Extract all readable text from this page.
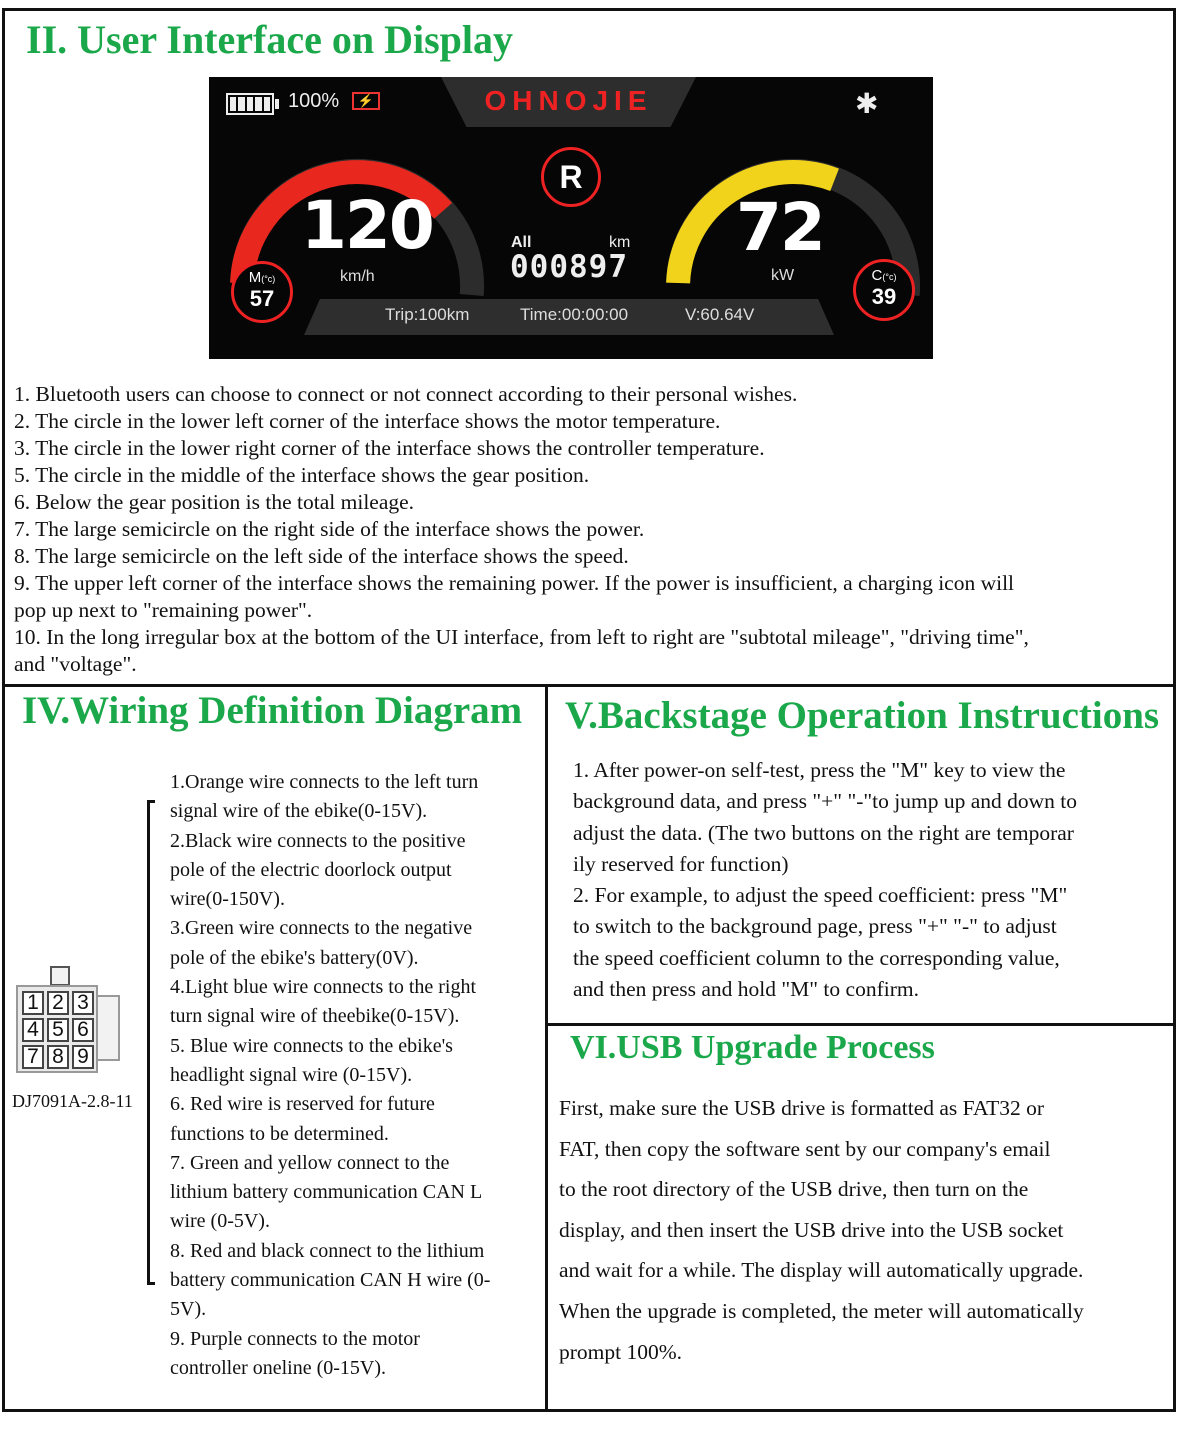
II. User Interface on Display
100%	⚡	OHNOJIE	✱
R
All	km
000897
120
km/h
72
kW
M(°c)
57
C(°c)
39
Trip:100km	Time:00:00:00	V:60.64V
1. Bluetooth users can choose to connect or not connect according to their personal wishes.
2. The circle in the lower left corner of the interface shows the motor temperature.
3. The circle in the lower right corner of the interface shows the controller temperature.
5. The circle in the middle of the interface shows the gear position.
6. Below the gear position is the total mileage.
7. The large semicircle on the right side of the interface shows the power.
8. The large semicircle on the left side of the interface shows the speed.
9. The upper left corner of the interface shows the remaining power. If the power is insufficient, a charging icon will
pop up next to "remaining power".
10. In the long irregular box at the bottom of the UI interface, from left to right are "subtotal mileage", "driving time",
and "voltage".
IV.Wiring Definition Diagram
1 2 3
4 5 6
7 8 9
DJ7091A-2.8-11
1.Orange wire connects to the left turn
signal wire of the ebike(0-15V).
2.Black wire connects to the positive
pole of the electric doorlock output
wire(0-150V).
3.Green wire connects to the negative
pole of the ebike's battery(0V).
4.Light blue wire connects to the right
turn signal wire of theebike(0-15V).
5. Blue wire connects to the ebike's
headlight signal wire (0-15V).
6. Red wire is reserved for future
functions to be determined.
7. Green and yellow connect to the
lithium battery communication CAN L
wire (0-5V).
8. Red and black connect to the lithium
battery communication CAN H wire (0-
5V).
9. Purple connects to the motor
controller oneline (0-15V).
V.Backstage Operation Instructions
1. After power-on self-test, press the "M" key to view the
background data, and press "+" "-"to jump up and down to
adjust the data. (The two buttons on the right are temporar
ily reserved for function)
2. For example, to adjust the speed coefficient: press "M"
to switch to the background page, press "+" "-" to adjust
the speed coefficient column to the corresponding value,
and then press and hold "M" to confirm.
VI.USB Upgrade Process
First, make sure the USB drive is formatted as FAT32 or
FAT, then copy the software sent by our company's email
to the root directory of the USB drive, then turn on the
display, and then insert the USB drive into the USB socket
and wait for a while. The display will automatically upgrade.
When the upgrade is completed, the meter will automatically
prompt 100%.
